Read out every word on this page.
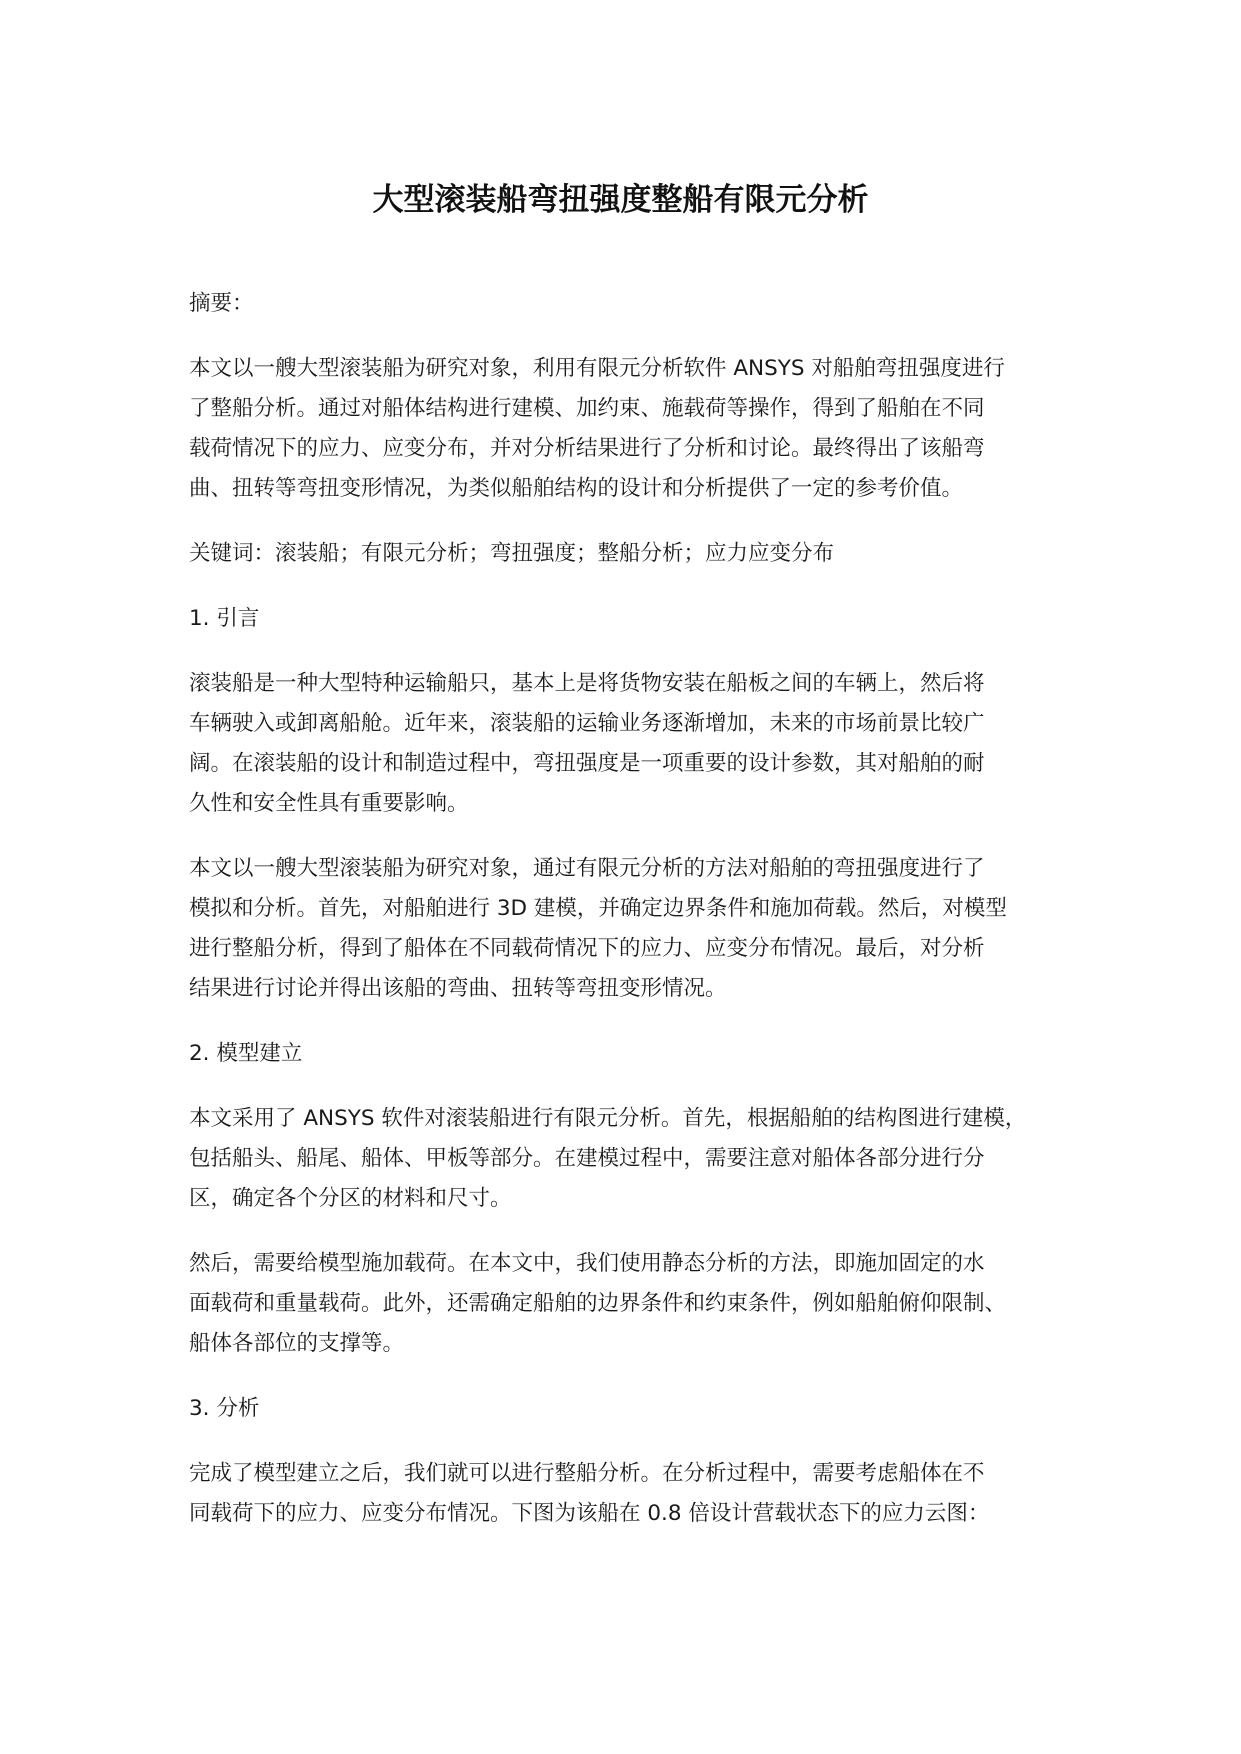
大型滚装船弯扭强度整船有限元分析

摘要：

本文以一艘大型滚装船为研究对象，利用有限元分析软件 ANSYS 对船舶弯扭强度进行
了整船分析。通过对船体结构进行建模、加约束、施载荷等操作，得到了船舶在不同
载荷情况下的应力、应变分布，并对分析结果进行了分析和讨论。最终得出了该船弯
曲、扭转等弯扭变形情况，为类似船舶结构的设计和分析提供了一定的参考价值。

关键词：滚装船；有限元分析；弯扭强度；整船分析；应力应变分布

1. 引言

滚装船是一种大型特种运输船只，基本上是将货物安装在船板之间的车辆上，然后将
车辆驶入或卸离船舱。近年来，滚装船的运输业务逐渐增加，未来的市场前景比较广
阔。在滚装船的设计和制造过程中，弯扭强度是一项重要的设计参数，其对船舶的耐
久性和安全性具有重要影响。

本文以一艘大型滚装船为研究对象，通过有限元分析的方法对船舶的弯扭强度进行了
模拟和分析。首先，对船舶进行 3D 建模，并确定边界条件和施加荷载。然后，对模型
进行整船分析，得到了船体在不同载荷情况下的应力、应变分布情况。最后，对分析
结果进行讨论并得出该船的弯曲、扭转等弯扭变形情况。

2. 模型建立

本文采用了 ANSYS 软件对滚装船进行有限元分析。首先，根据船舶的结构图进行建模，
包括船头、船尾、船体、甲板等部分。在建模过程中，需要注意对船体各部分进行分
区，确定各个分区的材料和尺寸。

然后，需要给模型施加载荷。在本文中，我们使用静态分析的方法，即施加固定的水
面载荷和重量载荷。此外，还需确定船舶的边界条件和约束条件，例如船舶俯仰限制、
船体各部位的支撑等。

3. 分析

完成了模型建立之后，我们就可以进行整船分析。在分析过程中，需要考虑船体在不
同载荷下的应力、应变分布情况。下图为该船在 0.8 倍设计营载状态下的应力云图：
